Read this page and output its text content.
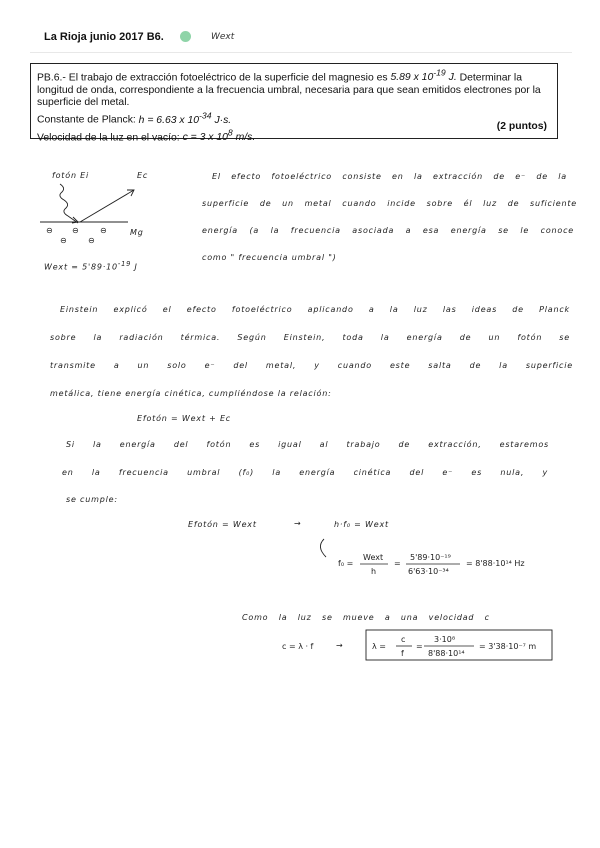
La Rioja junio 2017 B6.	Wext

PB.6.- El trabajo de extracción fotoeléctrico de la superficie del magnesio es 5.89 x $10^{-19}$ J. Determinar la longitud de onda, correspondiente a la frecuencia umbral, necesaria para que sean emitidos electrones por la superficie del metal.

Constante de Planck: h = 6.63 x $10^{-34}$ J·s.

Velocidad de la luz en el vacío: c = 3 x $10^8$ m/s.

(2 puntos)
fotón Ei	Ec
⊖ ⊖	⊖
⊖	⊖
Mg
Wext = $5'89\cdot 10^{-19}$ J
El efecto fotoeléctrico consiste en la extracción de e⁻ de la
superficie de un metal cuando incide sobre él luz de suficiente
energía (a la frecuencia asociada a esa energía se le conoce
como " frecuencia umbral ")
Einstein explicó el efecto fotoeléctrico aplicando a la luz las ideas de Planck
sobre la radiación térmica. Según Einstein, toda la energía de un fotón se
transmite a un solo e⁻ del metal, y cuando este salta de la superficie
metálica, tiene energía cinética, cumpliéndose la relación:
Efotón = Wext + Ec
Si la energía del fotón es igual al trabajo de extracción, estaremos
en la frecuencia umbral (f₀) la energía cinética del e⁻ es nula, y
se cumple:
Efotón = Wext	→	h·f₀ = Wext
f₀ =
Wext
h
=
5'89·10⁻¹⁹
6'63·10⁻³⁴
= 8'88·10¹⁴ Hz
Como la luz se mueve a una velocidad c
c = λ · f	→	λ =
c
f
=
3·10⁸
8'88·10¹⁴
= 3'38·10⁻⁷ m
